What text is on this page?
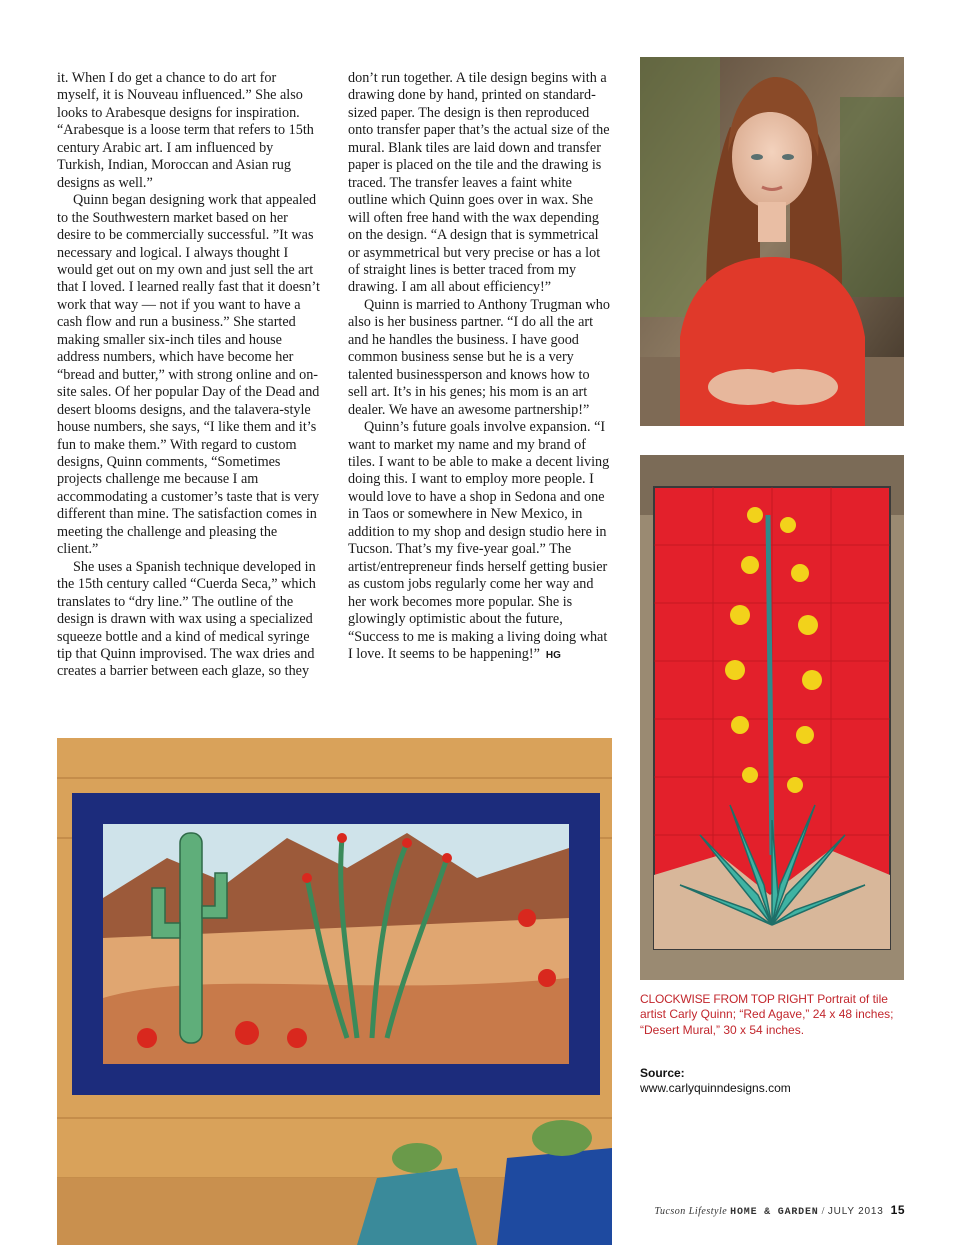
it. When I do get a chance to do art for myself, it is Nouveau influenced.” She also looks to Arabesque designs for inspiration. “Arabesque is a loose term that refers to 15th century Arabic art. I am influenced by Turkish, Indian, Moroccan and Asian rug designs as well.”

Quinn began designing work that appealed to the Southwestern market based on her desire to be commercially successful. ”It was necessary and logical. I always thought I would get out on my own and just sell the art that I loved. I learned really fast that it doesn’t work that way — not if you want to have a cash flow and run a business.” She started making smaller six-inch tiles and house address numbers, which have become her “bread and butter,” with strong online and on-site sales. Of her popular Day of the Dead and desert blooms designs, and the talavera-style house numbers, she says, “I like them and it’s fun to make them.” With regard to custom designs, Quinn comments, “Sometimes projects challenge me because I am accommodating a customer’s taste that is very different than mine. The satisfaction comes in meeting the challenge and pleasing the client.”

She uses a Spanish technique developed in the 15th century called “Cuerda Seca,” which translates to “dry line.” The outline of the design is drawn with wax using a specialized squeeze bottle and a kind of medical syringe tip that Quinn improvised. The wax dries and creates a barrier between each glaze, so they

don’t run together. A tile design begins with a drawing done by hand, printed on standard-sized paper. The design is then reproduced onto transfer paper that’s the actual size of the mural. Blank tiles are laid down and transfer paper is placed on the tile and the drawing is traced. The transfer leaves a faint white outline which Quinn goes over in wax. She will often free hand with the wax depending on the design. “A design that is symmetrical or asymmetrical but very precise or has a lot of straight lines is better traced from my drawing. I am all about efficiency!”

Quinn is married to Anthony Trugman who also is her business partner. “I do all the art and he handles the business. I have good common business sense but he is a very talented businessperson and knows how to sell art. It’s in his genes; his mom is an art dealer. We have an awesome partnership!”

Quinn’s future goals involve expansion. “I want to market my name and my brand of tiles. I want to be able to make a decent living doing this. I want to employ more people. I would love to have a shop in Sedona and one in Taos or somewhere in New Mexico, in addition to my shop and design studio here in Tucson. That’s my five-year goal.” The artist/entrepreneur finds herself getting busier as custom jobs regularly come her way and her work becomes more popular. She is glowingly optimistic about the future, “Success to me is making a living doing what I love. It seems to be happening!” HG

CLOCKWISE FROM TOP RIGHT Portrait of tile artist Carly Quinn; “Red Agave,” 24 x 48 inches; “Desert Mural,” 30 x 54 inches.

Source:
www.carlyquinndesigns.com
Tucson Lifestyle HOME & GARDEN / JULY 2013 15
